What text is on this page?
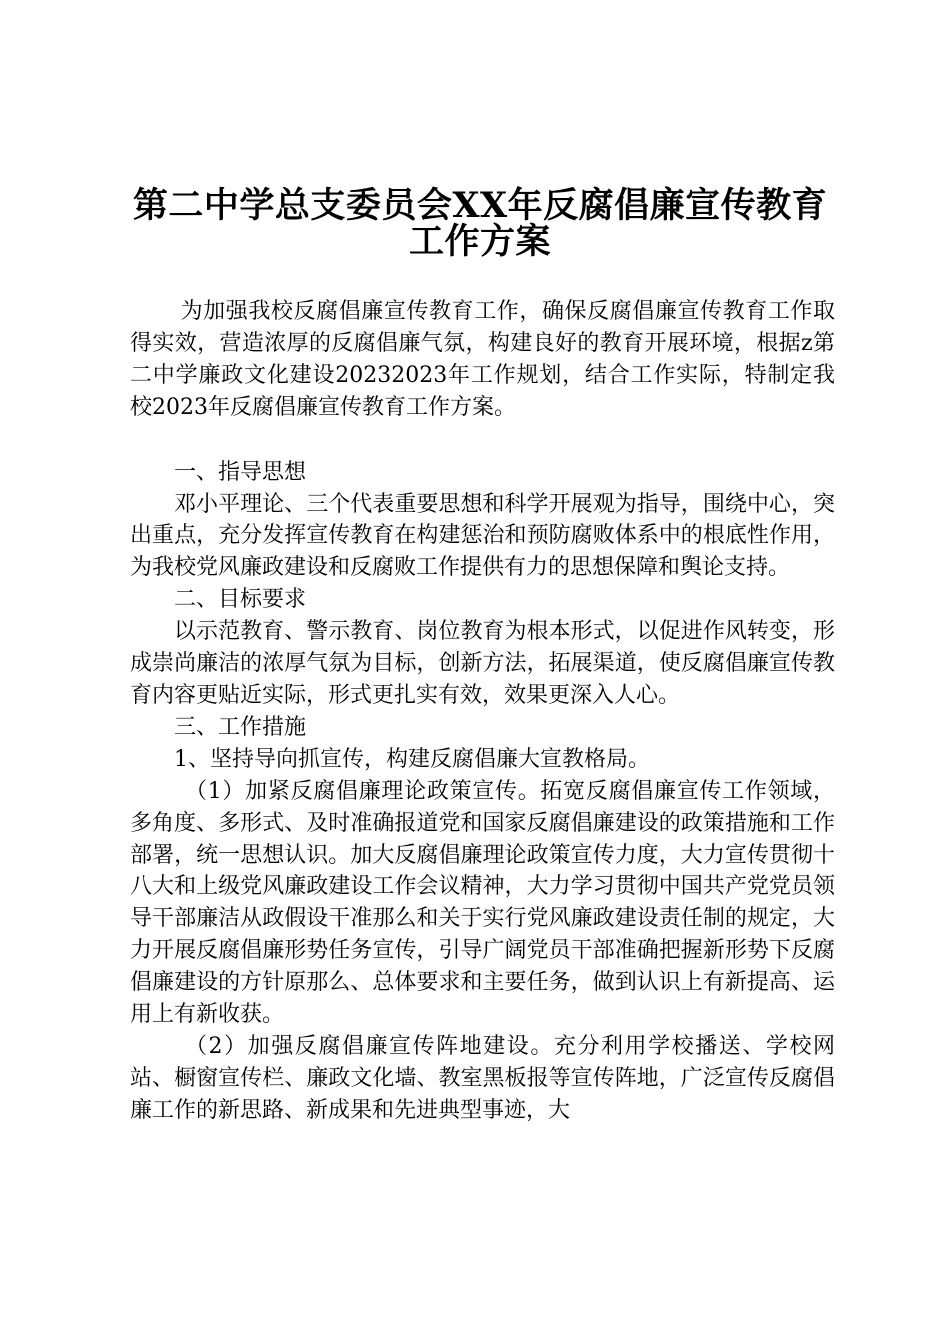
第二中学总支委员会XX年反腐倡廉宣传教育
工作方案

为加强我校反腐倡廉宣传教育工作，确保反腐倡廉宣传教育工作取得实效，营造浓厚的反腐倡廉气氛，构建良好的教育开展环境，根据z第二中学廉政文化建设20232023年工作规划，结合工作实际，特制定我校2023年反腐倡廉宣传教育工作方案。

一、指导思想

邓小平理论、三个代表重要思想和科学开展观为指导，围绕中心，突出重点，充分发挥宣传教育在构建惩治和预防腐败体系中的根底性作用，为我校党风廉政建设和反腐败工作提供有力的思想保障和舆论支持。

二、目标要求

以示范教育、警示教育、岗位教育为根本形式，以促进作风转变，形成崇尚廉洁的浓厚气氛为目标，创新方法，拓展渠道，使反腐倡廉宣传教育内容更贴近实际，形式更扎实有效，效果更深入人心。

三、工作措施

1、坚持导向抓宣传，构建反腐倡廉大宣教格局。

（1）加紧反腐倡廉理论政策宣传。拓宽反腐倡廉宣传工作领域，多角度、多形式、及时准确报道党和国家反腐倡廉建设的政策措施和工作部署，统一思想认识。加大反腐倡廉理论政策宣传力度，大力宣传贯彻十八大和上级党风廉政建设工作会议精神，大力学习贯彻中国共产党党员领导干部廉洁从政假设干准那么和关于实行党风廉政建设责任制的规定，大力开展反腐倡廉形势任务宣传，引导广阔党员干部准确把握新形势下反腐倡廉建设的方针原那么、总体要求和主要任务，做到认识上有新提高、运用上有新收获。

（2）加强反腐倡廉宣传阵地建设。充分利用学校播送、学校网站、橱窗宣传栏、廉政文化墙、教室黑板报等宣传阵地，广泛宣传反腐倡廉工作的新思路、新成果和先进典型事迹，大
